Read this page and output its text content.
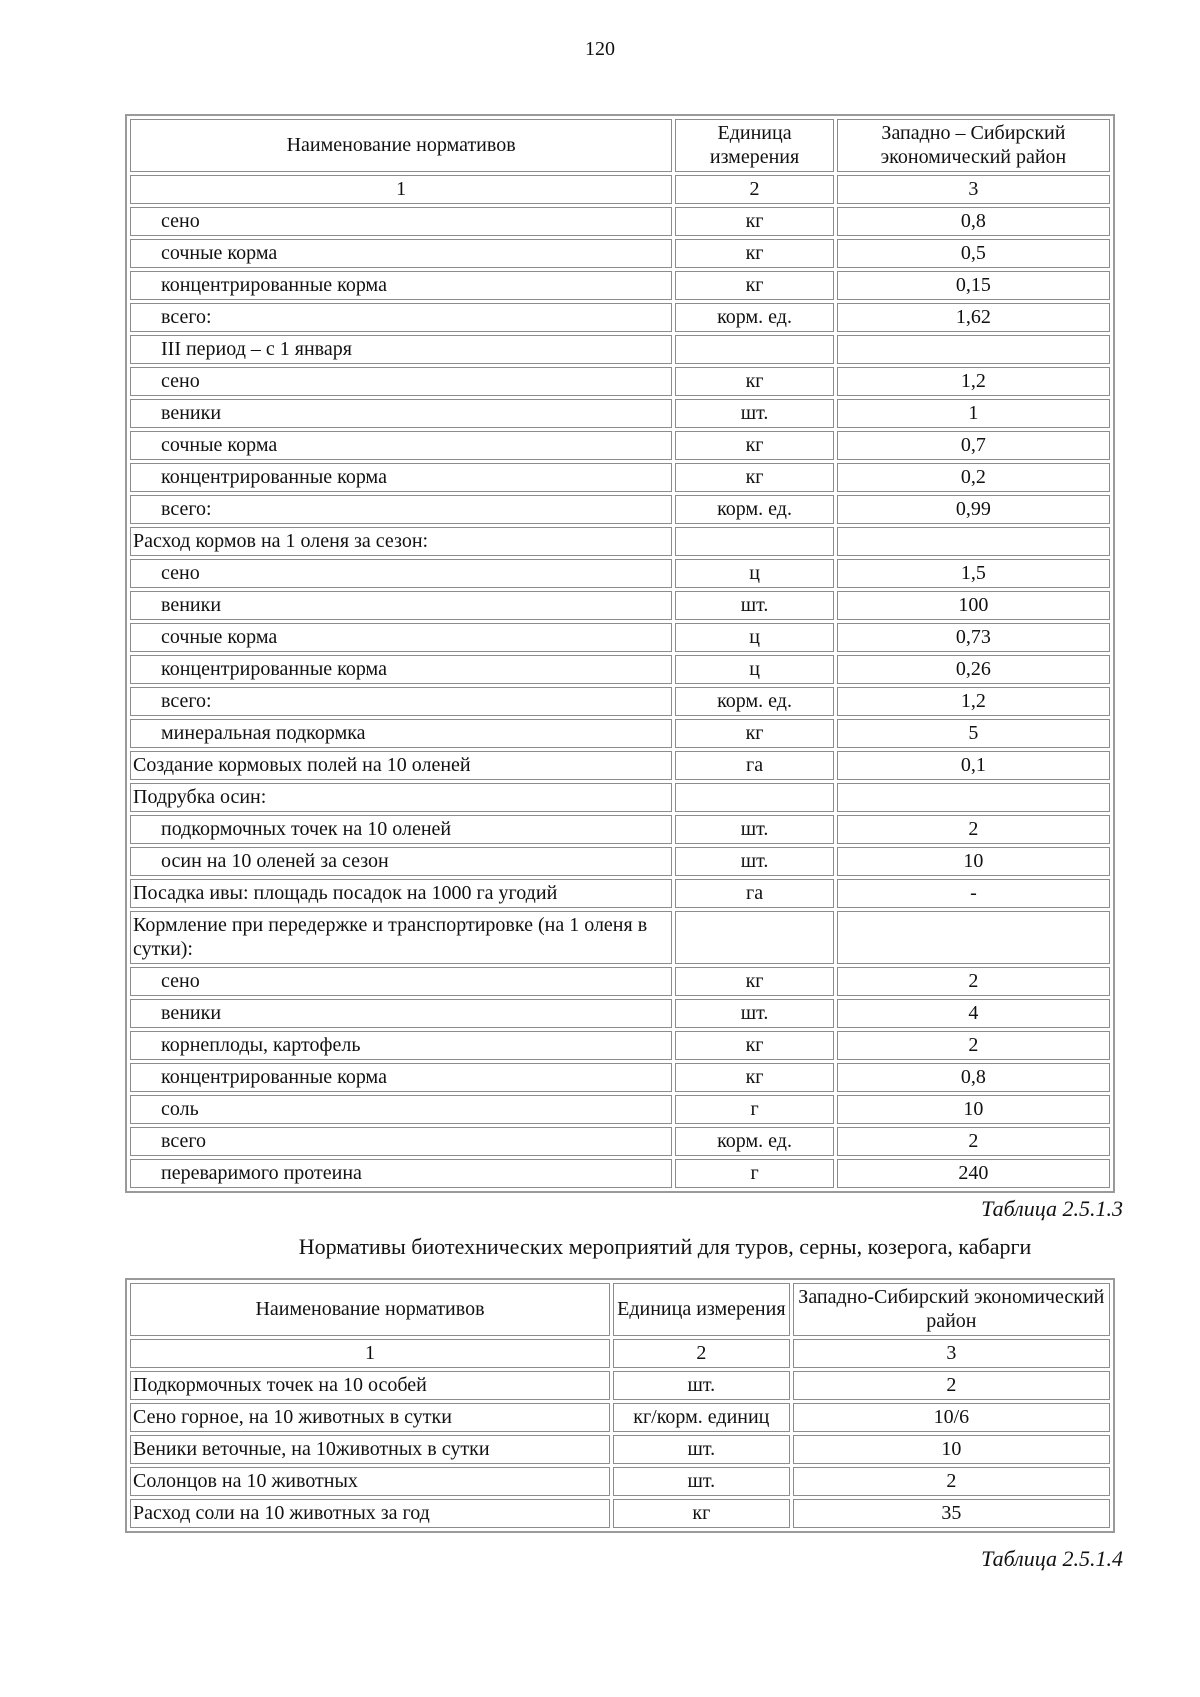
120
Наименование нормативов	Единица измерения	Западно – Сибирский экономический район
1	2	3
сено	кг	0,8
сочные корма	кг	0,5
концентрированные корма	кг	0,15
всего:	корм. ед.	1,62
III период – с 1 января		
сено	кг	1,2
веники	шт.	1
сочные корма	кг	0,7
концентрированные корма	кг	0,2
всего:	корм. ед.	0,99
Расход кормов на 1 оленя за сезон:		
сено	ц	1,5
веники	шт.	100
сочные корма	ц	0,73
концентрированные корма	ц	0,26
всего:	корм. ед.	1,2
минеральная подкормка	кг	5
Создание кормовых полей на 10 оленей	га	0,1
Подрубка осин:		
подкормочных точек на 10 оленей	шт.	2
осин на 10 оленей за сезон	шт.	10
Посадка ивы: площадь посадок на 1000 га угодий	га	-
Кормление при передержке и транспортировке (на 1 оленя в сутки):		
сено	кг	2
веники	шт.	4
корнеплоды, картофель	кг	2
концентрированные корма	кг	0,8
соль	г	10
всего	корм. ед.	2
переваримого протеина	г	240
Таблица 2.5.1.3
Нормативы биотехнических мероприятий для туров, серны, козерога, кабарги
Наименование нормативов	Единица измерения	Западно-Сибирский экономический район
1	2	3
Подкормочных точек на 10 особей	шт.	2
Сено горное, на 10 животных в сутки	кг/корм. единиц	10/6
Веники веточные, на 10животных в сутки	шт.	10
Солонцов на 10 животных	шт.	2
Расход соли на 10 животных за год	кг	35
Таблица 2.5.1.4
